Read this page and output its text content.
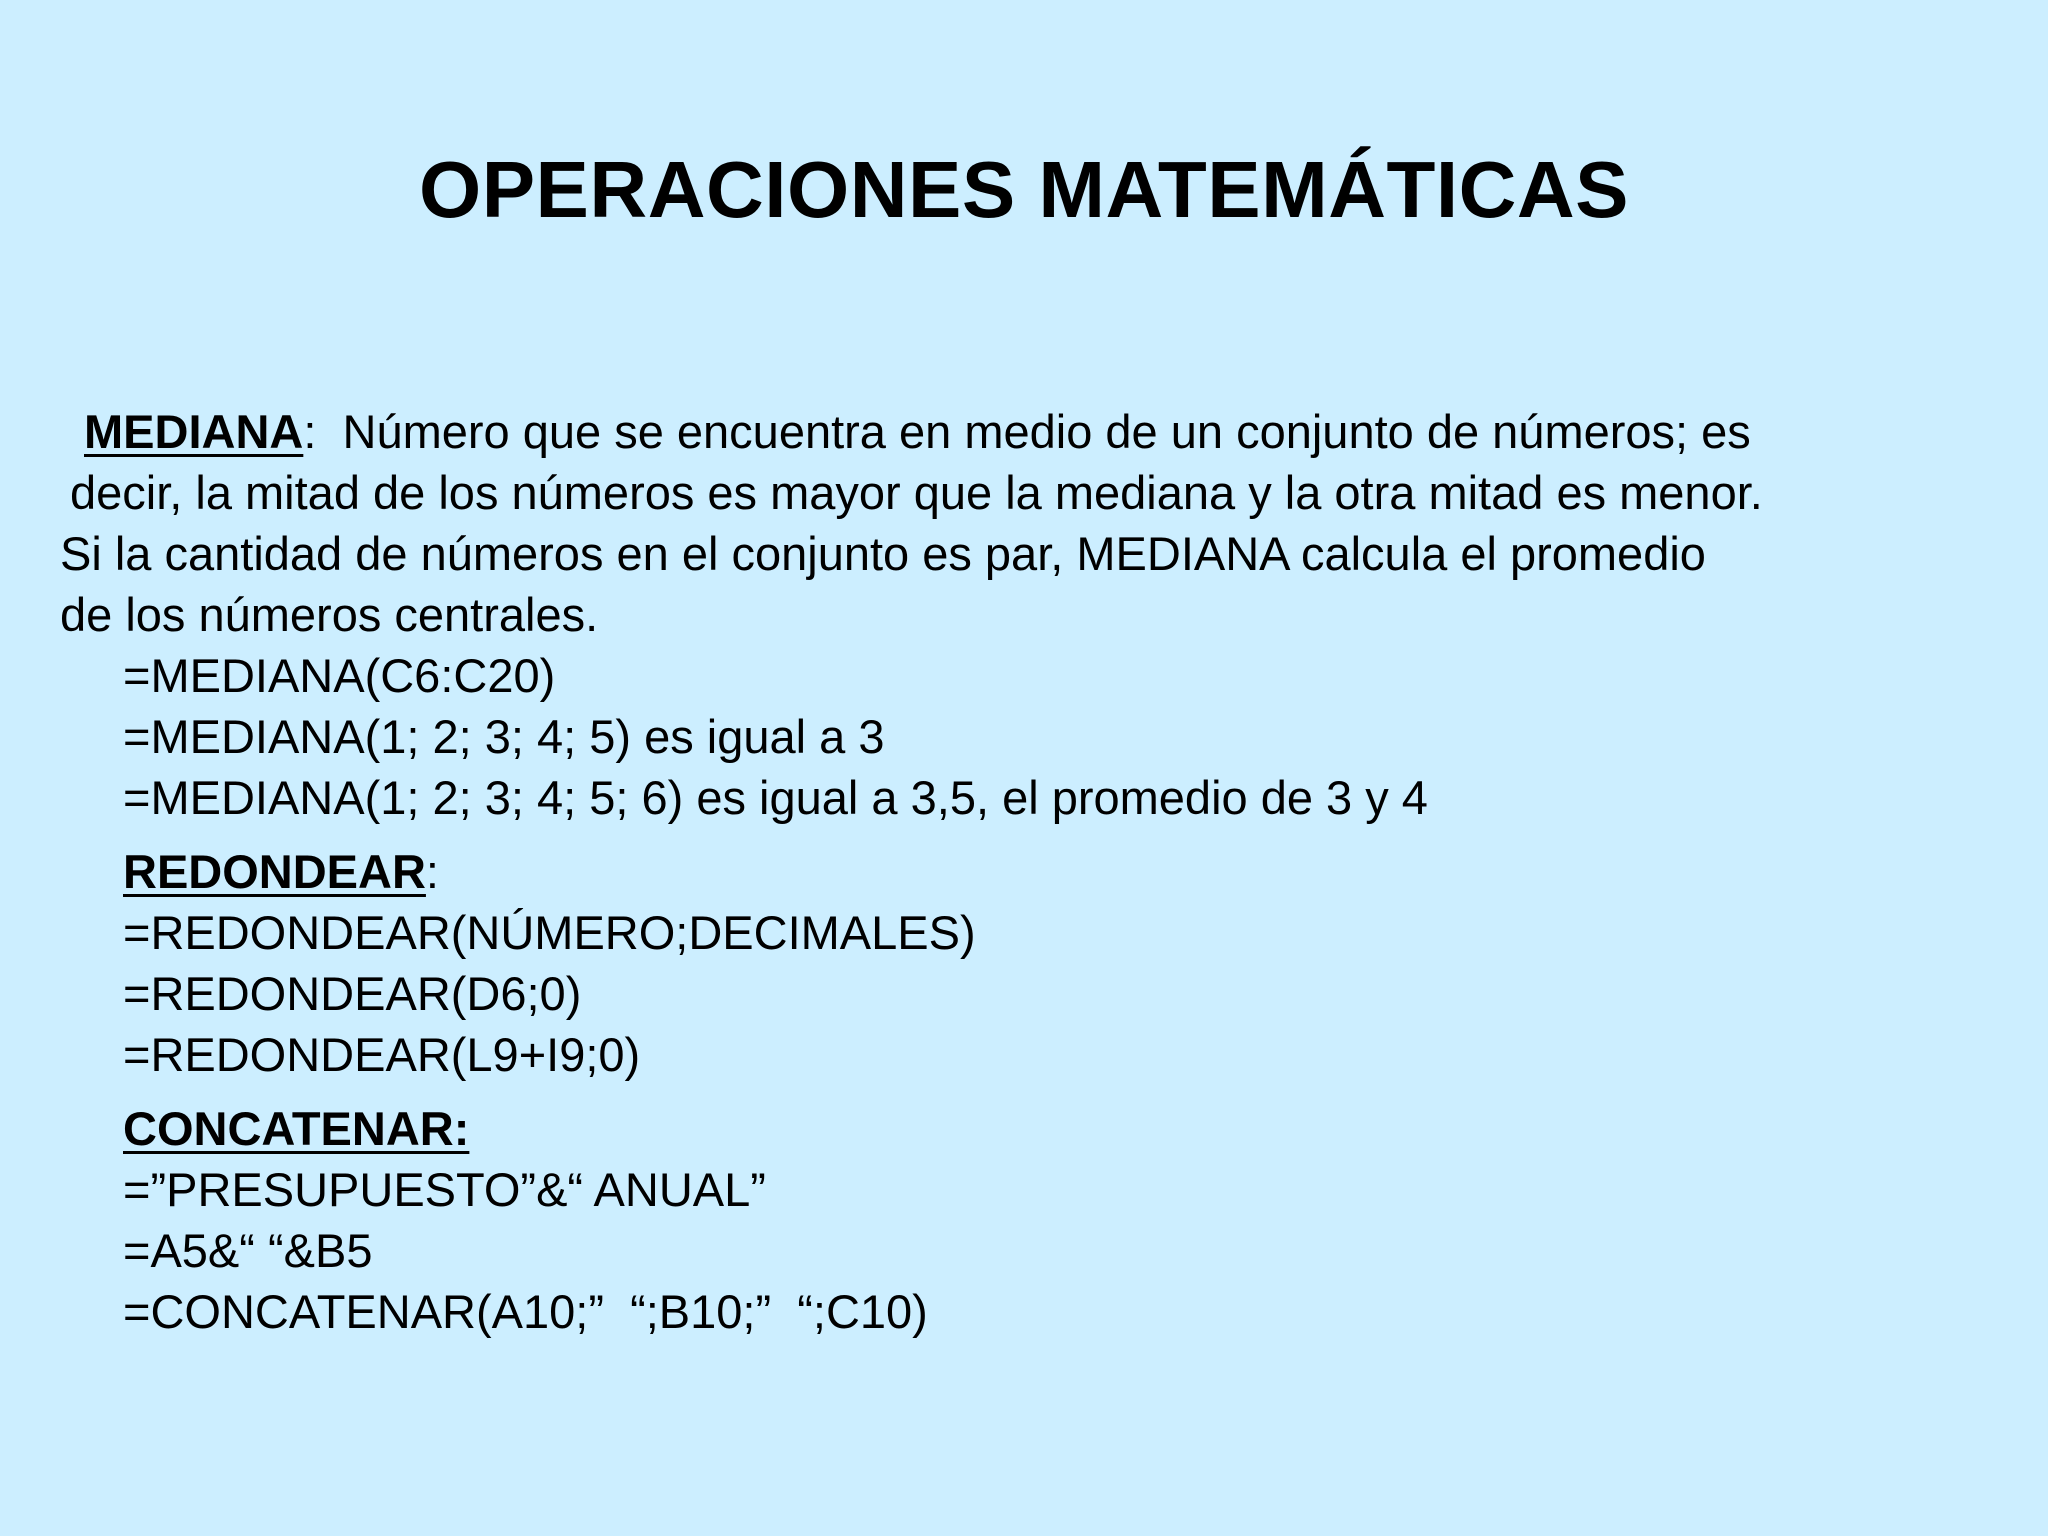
OPERACIONES MATEMÁTICAS
MEDIANA:  Número que se encuentra en medio de un conjunto de números; es
decir, la mitad de los números es mayor que la mediana y la otra mitad es menor.
Si la cantidad de números en el conjunto es par, MEDIANA calcula el promedio
de los números centrales.
=MEDIANA(C6:C20)
=MEDIANA(1; 2; 3; 4; 5) es igual a 3
=MEDIANA(1; 2; 3; 4; 5; 6) es igual a 3,5, el promedio de 3 y 4
REDONDEAR:
=REDONDEAR(NÚMERO;DECIMALES)
=REDONDEAR(D6;0)
=REDONDEAR(L9+I9;0)
CONCATENAR:
=”PRESUPUESTO”&“ ANUAL”
=A5&“ “&B5
=CONCATENAR(A10;”  “;B10;”  “;C10)
